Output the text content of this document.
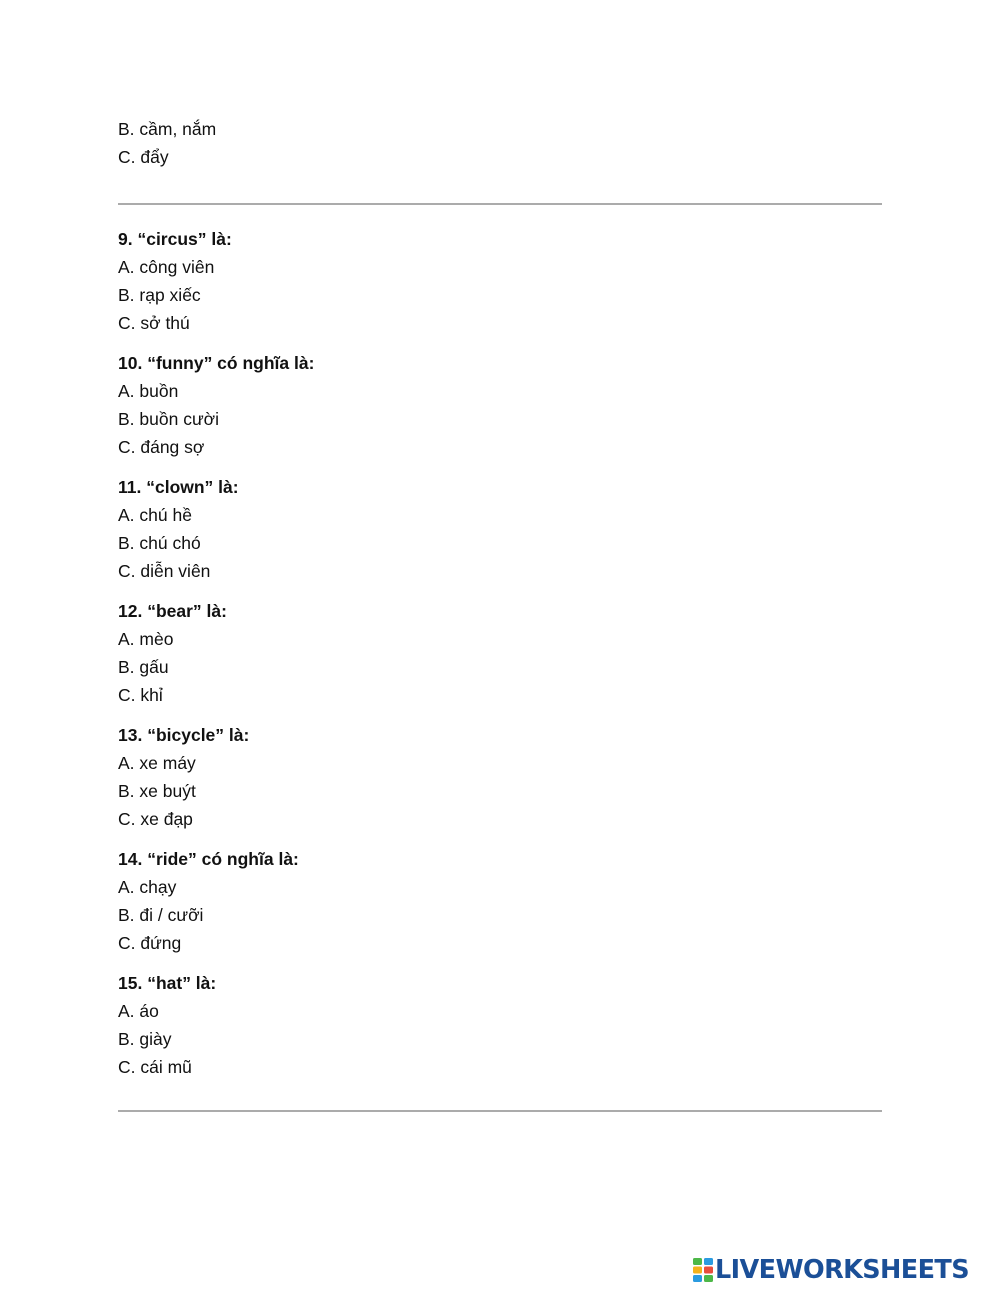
B. cầm, nắm
C. đẩy
9. “circus” là:
A. công viên
B. rạp xiếc
C. sở thú
10. “funny” có nghĩa là:
A. buồn
B. buồn cười
C. đáng sợ
11. “clown” là:
A. chú hề
B. chú chó
C. diễn viên
12. “bear” là:
A. mèo
B. gấu
C. khỉ
13. “bicycle” là:
A. xe máy
B. xe buýt
C. xe đạp
14. “ride” có nghĩa là:
A. chạy
B. đi / cưỡi
C. đứng
15. “hat” là:
A. áo
B. giày
C. cái mũ
LIVEWORKSHEETS
